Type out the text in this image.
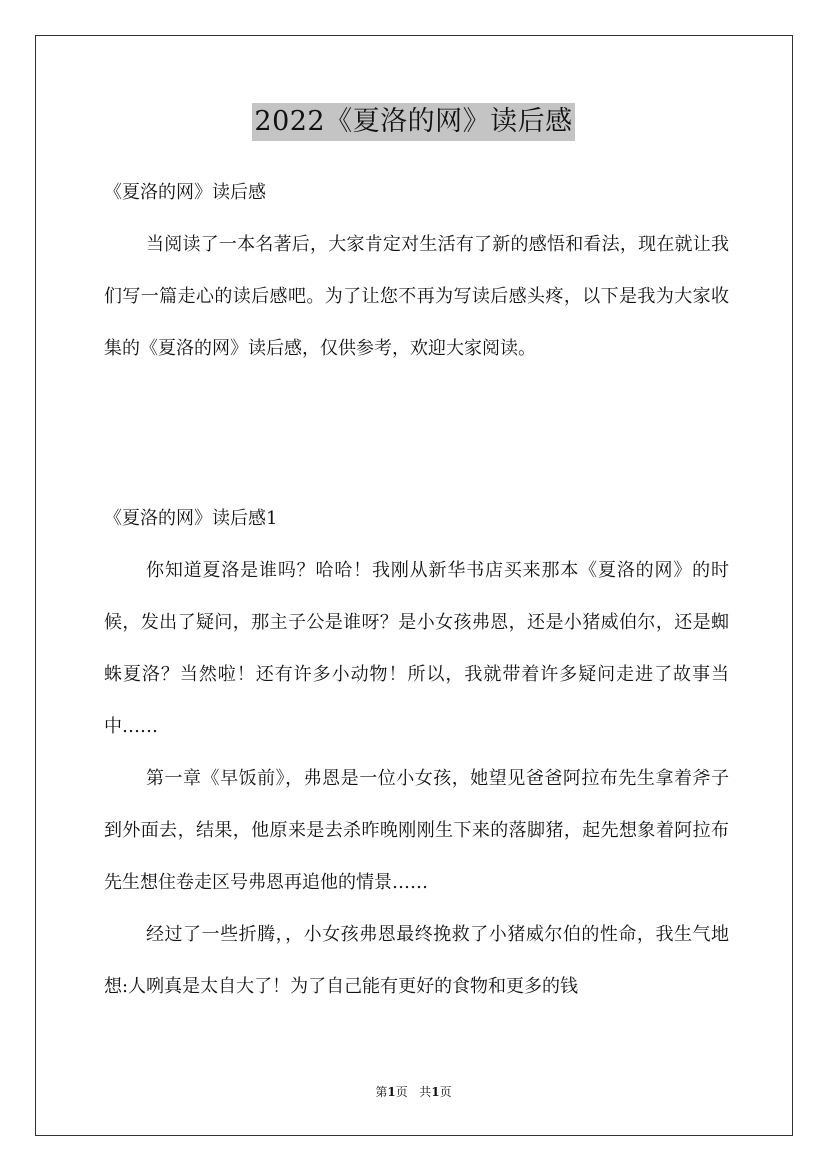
2022《夏洛的网》读后感

《夏洛的网》读后感

当阅读了一本名著后，大家肯定对生活有了新的感悟和看法，现在就让我们写一篇走心的读后感吧。为了让您不再为写读后感头疼，以下是我为大家收集的《夏洛的网》读后感，仅供参考，欢迎大家阅读。

《夏洛的网》读后感1

你知道夏洛是谁吗？哈哈！我刚从新华书店买来那本《夏洛的网》的时候，发出了疑问，那主子公是谁呀？是小女孩弗恩，还是小猪威伯尔，还是蜘蛛夏洛？当然啦！还有许多小动物！所以，我就带着许多疑问走进了故事当中……

第一章《早饭前》，弗恩是一位小女孩，她望见爸爸阿拉布先生拿着斧子到外面去，结果，他原来是去杀昨晚刚刚生下来的落脚猪，起先想象着阿拉布先生想住卷走区号弗恩再追他的情景……

经过了一些折腾，，小女孩弗恩最终挽救了小猪威尔伯的性命，我生气地想:人咧真是太自大了！为了自己能有更好的食物和更多的钱

第1页 共1页
